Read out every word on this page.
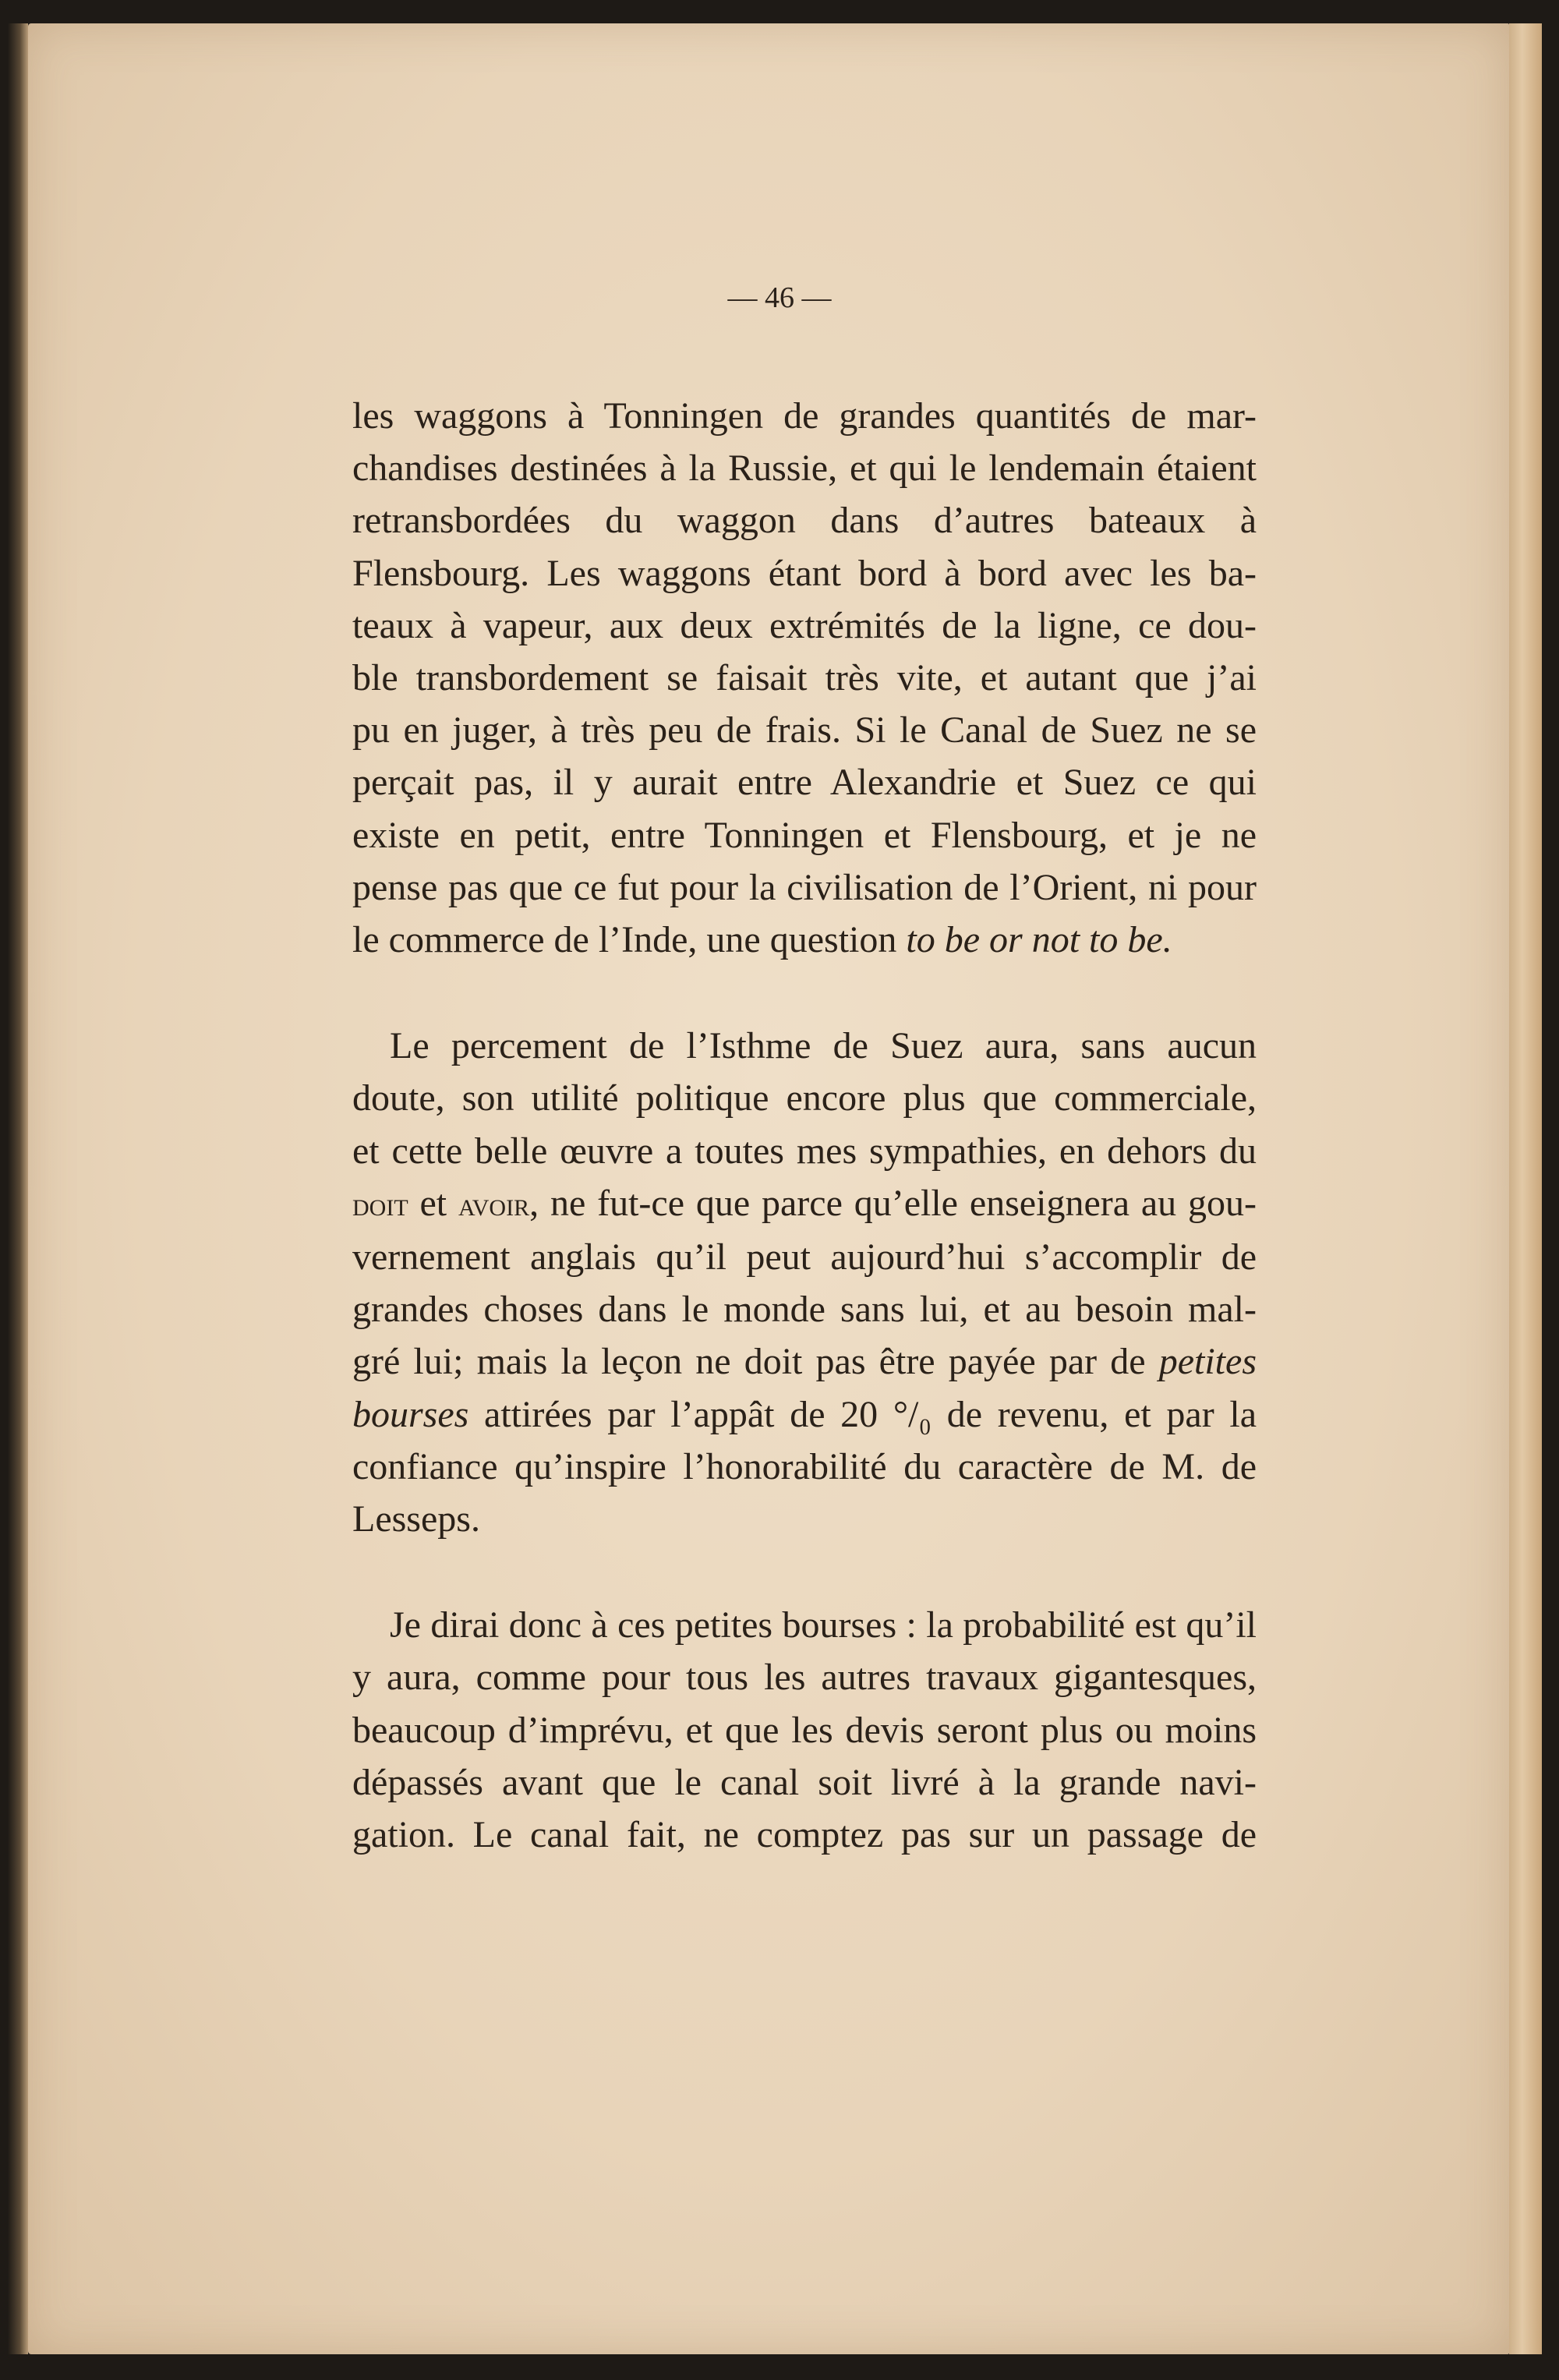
— 46 —
les waggons à Tonningen de grandes quantités de mar-
chandises destinées à la Russie, et qui le lendemain étaient
retransbordées du waggon dans d’autres bateaux à
Flensbourg. Les waggons étant bord à bord avec les ba-
teaux à vapeur, aux deux extrémités de la ligne, ce dou-
ble transbordement se faisait très vite, et autant que j’ai
pu en juger, à très peu de frais. Si le Canal de Suez ne se
perçait pas, il y aurait entre Alexandrie et Suez ce qui
existe en petit, entre Tonningen et Flensbourg, et je ne
pense pas que ce fut pour la civilisation de l’Orient, ni pour
le commerce de l’Inde, une question to be or not to be.
Le percement de l’Isthme de Suez aura, sans aucun
doute, son utilité politique encore plus que commerciale,
et cette belle œuvre a toutes mes sympathies, en dehors du
doit et avoir, ne fut-ce que parce qu’elle enseignera au gou-
vernement anglais qu’il peut aujourd’hui s’accomplir de
grandes choses dans le monde sans lui, et au besoin mal-
gré lui; mais la leçon ne doit pas être payée par de petites
bourses attirées par l’appât de 20 °/₀ de revenu, et par la
confiance qu’inspire l’honorabilité du caractère de M. de
Lesseps.
Je dirai donc à ces petites bourses : la probabilité est qu’il
y aura, comme pour tous les autres travaux gigantesques,
beaucoup d’imprévu, et que les devis seront plus ou moins
dépassés avant que le canal soit livré à la grande navi-
gation. Le canal fait, ne comptez pas sur un passage de
